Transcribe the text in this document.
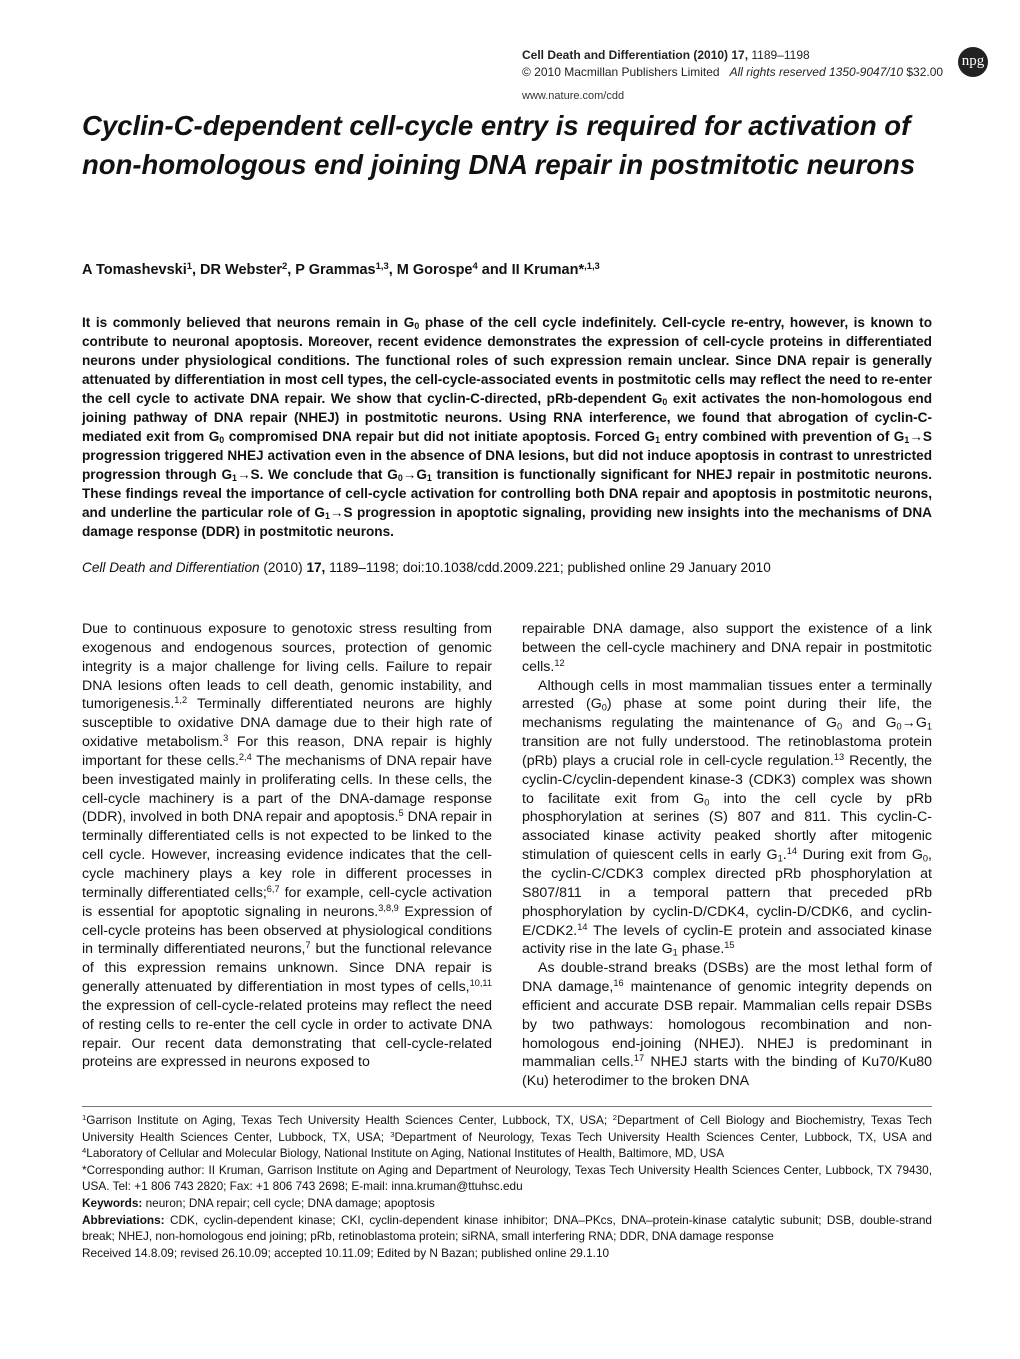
Cell Death and Differentiation (2010) 17, 1189–1198
© 2010 Macmillan Publishers Limited   All rights reserved 1350-9047/10 $32.00
www.nature.com/cdd
npg
Cyclin-C-dependent cell-cycle entry is required for activation of non-homologous end joining DNA repair in postmitotic neurons
A Tomashevski$^1$, DR Webster$^2$, P Grammas$^{1,3}$, M Gorospe$^4$ and II Kruman*$^{,1,3}$
It is commonly believed that neurons remain in $G_0$ phase of the cell cycle indefinitely. Cell-cycle re-entry, however, is known to contribute to neuronal apoptosis. Moreover, recent evidence demonstrates the expression of cell-cycle proteins in differentiated neurons under physiological conditions. The functional roles of such expression remain unclear. Since DNA repair is generally attenuated by differentiation in most cell types, the cell-cycle-associated events in postmitotic cells may reflect the need to re-enter the cell cycle to activate DNA repair. We show that cyclin-C-directed, pRb-dependent $G_0$ exit activates the non-homologous end joining pathway of DNA repair (NHEJ) in postmitotic neurons. Using RNA interference, we found that abrogation of cyclin-C-mediated exit from $G_0$ compromised DNA repair but did not initiate apoptosis. Forced $G_1$ entry combined with prevention of $G_1\to S$ progression triggered NHEJ activation even in the absence of DNA lesions, but did not induce apoptosis in contrast to unrestricted progression through $G_1\to S$. We conclude that $G_0\to G_1$ transition is functionally significant for NHEJ repair in postmitotic neurons. These findings reveal the importance of cell-cycle activation for controlling both DNA repair and apoptosis in postmitotic neurons, and underline the particular role of $G_1\to S$ progression in apoptotic signaling, providing new insights into the mechanisms of DNA damage response (DDR) in postmitotic neurons.
Cell Death and Differentiation (2010) 17, 1189–1198; doi:10.1038/cdd.2009.221; published online 29 January 2010

Due to continuous exposure to genotoxic stress resulting from exogenous and endogenous sources, protection of genomic integrity is a major challenge for living cells. Failure to repair DNA lesions often leads to cell death, genomic instability, and tumorigenesis.$^{1,2}$ Terminally differentiated neurons are highly susceptible to oxidative DNA damage due to their high rate of oxidative metabolism.$^3$ For this reason, DNA repair is highly important for these cells.$^{2,4}$ The mechanisms of DNA repair have been investigated mainly in proliferating cells. In these cells, the cell-cycle machinery is a part of the DNA-damage response (DDR), involved in both DNA repair and apoptosis.$^5$ DNA repair in terminally differentiated cells is not expected to be linked to the cell cycle. However, increasing evidence indicates that the cell-cycle machinery plays a key role in different processes in terminally differentiated cells;$^{6,7}$ for example, cell-cycle activation is essential for apoptotic signaling in neurons.$^{3,8,9}$ Expression of cell-cycle proteins has been observed at physiological conditions in terminally differentiated neurons,$^7$ but the functional relevance of this expression remains unknown. Since DNA repair is generally attenuated by differentiation in most types of cells,$^{10,11}$ the expression of cell-cycle-related proteins may reflect the need of resting cells to re-enter the cell cycle in order to activate DNA repair. Our recent data demonstrating that cell-cycle-related proteins are expressed in neurons exposed to

repairable DNA damage, also support the existence of a link between the cell-cycle machinery and DNA repair in postmitotic cells.$^{12}$

Although cells in most mammalian tissues enter a terminally arrested $(G_0)$ phase at some point during their life, the mechanisms regulating the maintenance of $G_0$ and $G_0\to G_1$ transition are not fully understood. The retinoblastoma protein (pRb) plays a crucial role in cell-cycle regulation.$^{13}$ Recently, the cyclin-C/cyclin-dependent kinase-3 (CDK3) complex was shown to facilitate exit from $G_0$ into the cell cycle by pRb phosphorylation at serines (S) 807 and 811. This cyclin-C-associated kinase activity peaked shortly after mitogenic stimulation of quiescent cells in early $G_1.^{14}$ During exit from $G_0$, the cyclin-C/CDK3 complex directed pRb phosphorylation at S807/811 in a temporal pattern that preceded pRb phosphorylation by cyclin-D/CDK4, cyclin-D/CDK6, and cyclin-E/CDK2.14 The levels of cyclin-E protein and associated kinase activity rise in the late $G_1$ phase.$^{15}$

As double-strand breaks (DSBs) are the most lethal form of DNA damage,$^{16}$ maintenance of genomic integrity depends on efficient and accurate DSB repair. Mammalian cells repair DSBs by two pathways: homologous recombination and non-homologous end-joining (NHEJ). NHEJ is predominant in mammalian cells.$^{17}$ NHEJ starts with the binding of Ku70/Ku80 (Ku) heterodimer to the broken DNA

$^1$Garrison Institute on Aging, Texas Tech University Health Sciences Center, Lubbock, TX, USA; $^2$Department of Cell Biology and Biochemistry, Texas Tech University Health Sciences Center, Lubbock, TX, USA; $^3$Department of Neurology, Texas Tech University Health Sciences Center, Lubbock, TX, USA and $^4$Laboratory of Cellular and Molecular Biology, National Institute on Aging, National Institutes of Health, Baltimore, MD, USA

*Corresponding author: II Kruman, Garrison Institute on Aging and Department of Neurology, Texas Tech University Health Sciences Center, Lubbock, TX 79430, USA. Tel: +1 806 743 2820; Fax: +1 806 743 2698; E-mail: inna.kruman@ttuhsc.edu

Keywords: neuron; DNA repair; cell cycle; DNA damage; apoptosis

Abbreviations: CDK, cyclin-dependent kinase; CKI, cyclin-dependent kinase inhibitor; DNA–PKcs, DNA–protein-kinase catalytic subunit; DSB, double-strand break; NHEJ, non-homologous end joining; pRb, retinoblastoma protein; siRNA, small interfering RNA; DDR, DNA damage response

Received 14.8.09; revised 26.10.09; accepted 10.11.09; Edited by N Bazan; published online 29.1.10
